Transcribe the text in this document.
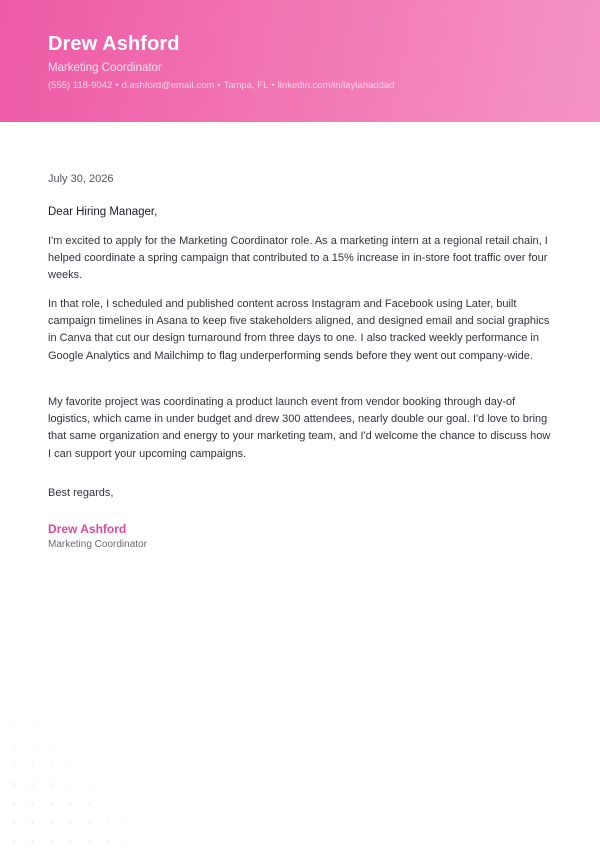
Drew Ashford
Marketing Coordinator
(555) 118-9042 • d.ashford@email.com • Tampa, FL • linkedin.com/in/laylahaddad
July 30, 2026
Dear Hiring Manager,

I'm excited to apply for the Marketing Coordinator role. As a marketing intern at a regional retail chain, I helped coordinate a spring campaign that contributed to a 15% increase in in-store foot traffic over four weeks.

In that role, I scheduled and published content across Instagram and Facebook using Later, built campaign timelines in Asana to keep five stakeholders aligned, and designed email and social graphics in Canva that cut our design turnaround from three days to one. I also tracked weekly performance in Google Analytics and Mailchimp to flag underperforming sends before they went out company-wide.

My favorite project was coordinating a product launch event from vendor booking through day-of logistics, which came in under budget and drew 300 attendees, nearly double our goal. I'd love to bring that same organization and energy to your marketing team, and I'd welcome the chance to discuss how I can support your upcoming campaigns.

Best regards,
Drew Ashford
Marketing Coordinator
